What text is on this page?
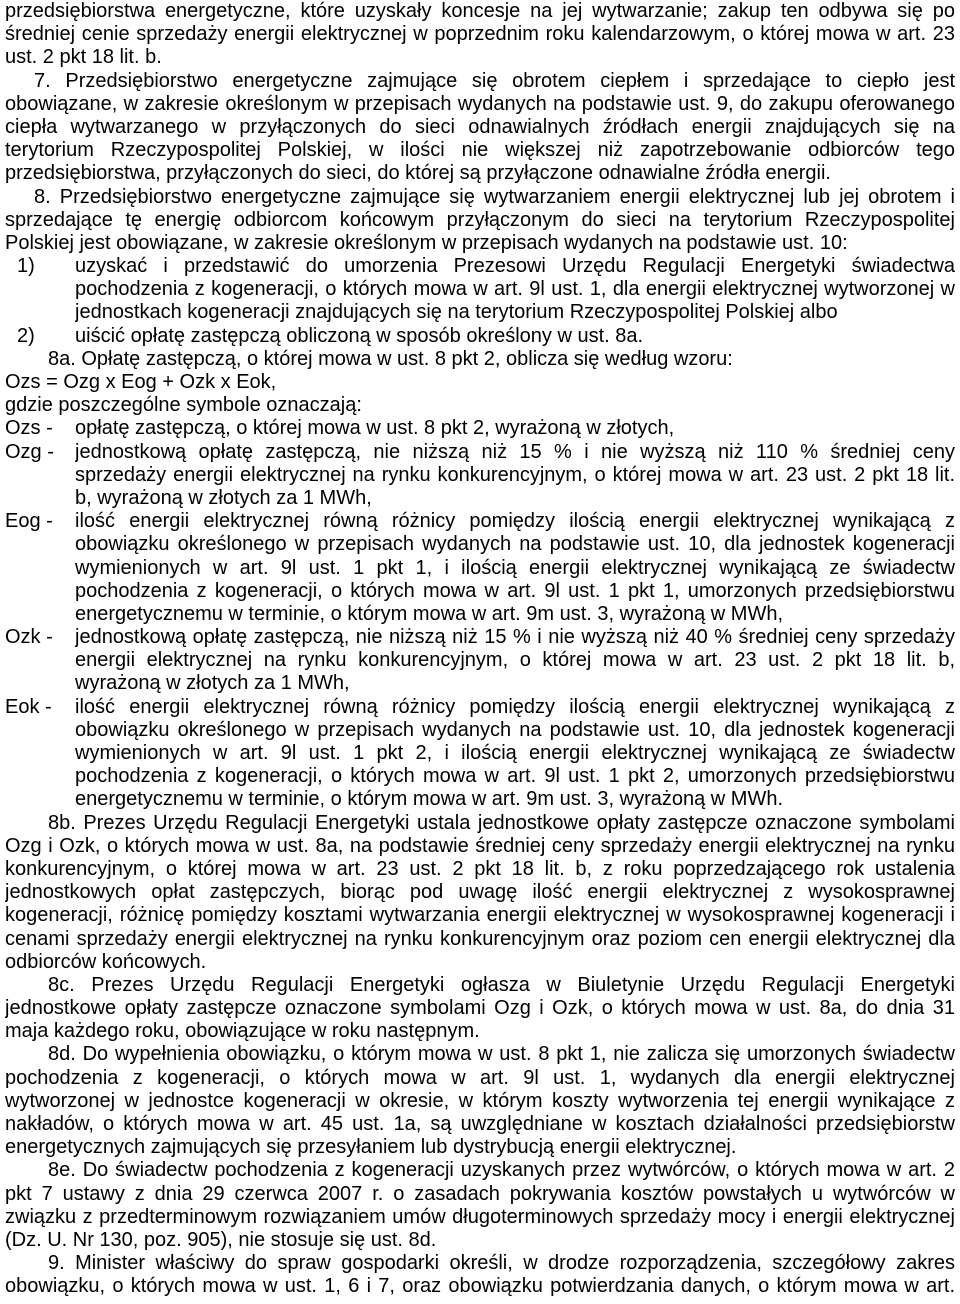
przedsiębiorstwa energetyczne, które uzyskały koncesje na jej wytwarzanie; zakup ten odbywa się po
średniej cenie sprzedaży energii elektrycznej w poprzednim roku kalendarzowym, o której mowa w art. 23
ust. 2 pkt 18 lit. b.
7. Przedsiębiorstwo energetyczne zajmujące się obrotem ciepłem i sprzedające to ciepło jest
obowiązane, w zakresie określonym w przepisach wydanych na podstawie ust. 9, do zakupu oferowanego
ciepła wytwarzanego w przyłączonych do sieci odnawialnych źródłach energii znajdujących się na
terytorium Rzeczypospolitej Polskiej, w ilości nie większej niż zapotrzebowanie odbiorców tego
przedsiębiorstwa, przyłączonych do sieci, do której są przyłączone odnawialne źródła energii.
8. Przedsiębiorstwo energetyczne zajmujące się wytwarzaniem energii elektrycznej lub jej obrotem i
sprzedające tę energię odbiorcom końcowym przyłączonym do sieci na terytorium Rzeczypospolitej
Polskiej jest obowiązane, w zakresie określonym w przepisach wydanych na podstawie ust. 10:
1) uzyskać i przedstawić do umorzenia Prezesowi Urzędu Regulacji Energetyki świadectwa
pochodzenia z kogeneracji, o których mowa w art. 9l ust. 1, dla energii elektrycznej wytworzonej w
jednostkach kogeneracji znajdujących się na terytorium Rzeczypospolitej Polskiej albo
2) uiścić opłatę zastępczą obliczoną w sposób określony w ust. 8a.
8a. Opłatę zastępczą, o której mowa w ust. 8 pkt 2, oblicza się według wzoru:
Ozs = Ozg x Eog + Ozk x Eok,
gdzie poszczególne symbole oznaczają:
Ozs - opłatę zastępczą, o której mowa w ust. 8 pkt 2, wyrażoną w złotych,
Ozg - jednostkową opłatę zastępczą, nie niższą niż 15 % i nie wyższą niż 110 % średniej ceny
sprzedaży energii elektrycznej na rynku konkurencyjnym, o której mowa w art. 23 ust. 2 pkt 18 lit.
b, wyrażoną w złotych za 1 MWh,
Eog - ilość energii elektrycznej równą różnicy pomiędzy ilością energii elektrycznej wynikającą z
obowiązku określonego w przepisach wydanych na podstawie ust. 10, dla jednostek kogeneracji
wymienionych w art. 9l ust. 1 pkt 1, i ilością energii elektrycznej wynikającą ze świadectw
pochodzenia z kogeneracji, o których mowa w art. 9l ust. 1 pkt 1, umorzonych przedsiębiorstwu
energetycznemu w terminie, o którym mowa w art. 9m ust. 3, wyrażoną w MWh,
Ozk - jednostkową opłatę zastępczą, nie niższą niż 15 % i nie wyższą niż 40 % średniej ceny sprzedaży
energii elektrycznej na rynku konkurencyjnym, o której mowa w art. 23 ust. 2 pkt 18 lit. b,
wyrażoną w złotych za 1 MWh,
Eok - ilość energii elektrycznej równą różnicy pomiędzy ilością energii elektrycznej wynikającą z
obowiązku określonego w przepisach wydanych na podstawie ust. 10, dla jednostek kogeneracji
wymienionych w art. 9l ust. 1 pkt 2, i ilością energii elektrycznej wynikającą ze świadectw
pochodzenia z kogeneracji, o których mowa w art. 9l ust. 1 pkt 2, umorzonych przedsiębiorstwu
energetycznemu w terminie, o którym mowa w art. 9m ust. 3, wyrażoną w MWh.
8b. Prezes Urzędu Regulacji Energetyki ustala jednostkowe opłaty zastępcze oznaczone symbolami
Ozg i Ozk, o których mowa w ust. 8a, na podstawie średniej ceny sprzedaży energii elektrycznej na rynku
konkurencyjnym, o której mowa w art. 23 ust. 2 pkt 18 lit. b, z roku poprzedzającego rok ustalenia
jednostkowych opłat zastępczych, biorąc pod uwagę ilość energii elektrycznej z wysokosprawnej
kogeneracji, różnicę pomiędzy kosztami wytwarzania energii elektrycznej w wysokosprawnej kogeneracji i
cenami sprzedaży energii elektrycznej na rynku konkurencyjnym oraz poziom cen energii elektrycznej dla
odbiorców końcowych.
8c. Prezes Urzędu Regulacji Energetyki ogłasza w Biuletynie Urzędu Regulacji Energetyki
jednostkowe opłaty zastępcze oznaczone symbolami Ozg i Ozk, o których mowa w ust. 8a, do dnia 31
maja każdego roku, obowiązujące w roku następnym.
8d. Do wypełnienia obowiązku, o którym mowa w ust. 8 pkt 1, nie zalicza się umorzonych świadectw
pochodzenia z kogeneracji, o których mowa w art. 9l ust. 1, wydanych dla energii elektrycznej
wytworzonej w jednostce kogeneracji w okresie, w którym koszty wytworzenia tej energii wynikające z
nakładów, o których mowa w art. 45 ust. 1a, są uwzględniane w kosztach działalności przedsiębiorstw
energetycznych zajmujących się przesyłaniem lub dystrybucją energii elektrycznej.
8e. Do świadectw pochodzenia z kogeneracji uzyskanych przez wytwórców, o których mowa w art. 2
pkt 7 ustawy z dnia 29 czerwca 2007 r. o zasadach pokrywania kosztów powstałych u wytwórców w
związku z przedterminowym rozwiązaniem umów długoterminowych sprzedaży mocy i energii elektrycznej
(Dz. U. Nr 130, poz. 905), nie stosuje się ust. 8d.
9. Minister właściwy do spraw gospodarki określi, w drodze rozporządzenia, szczegółowy zakres
obowiązku, o których mowa w ust. 1, 6 i 7, oraz obowiązku potwierdzania danych, o którym mowa w art.
